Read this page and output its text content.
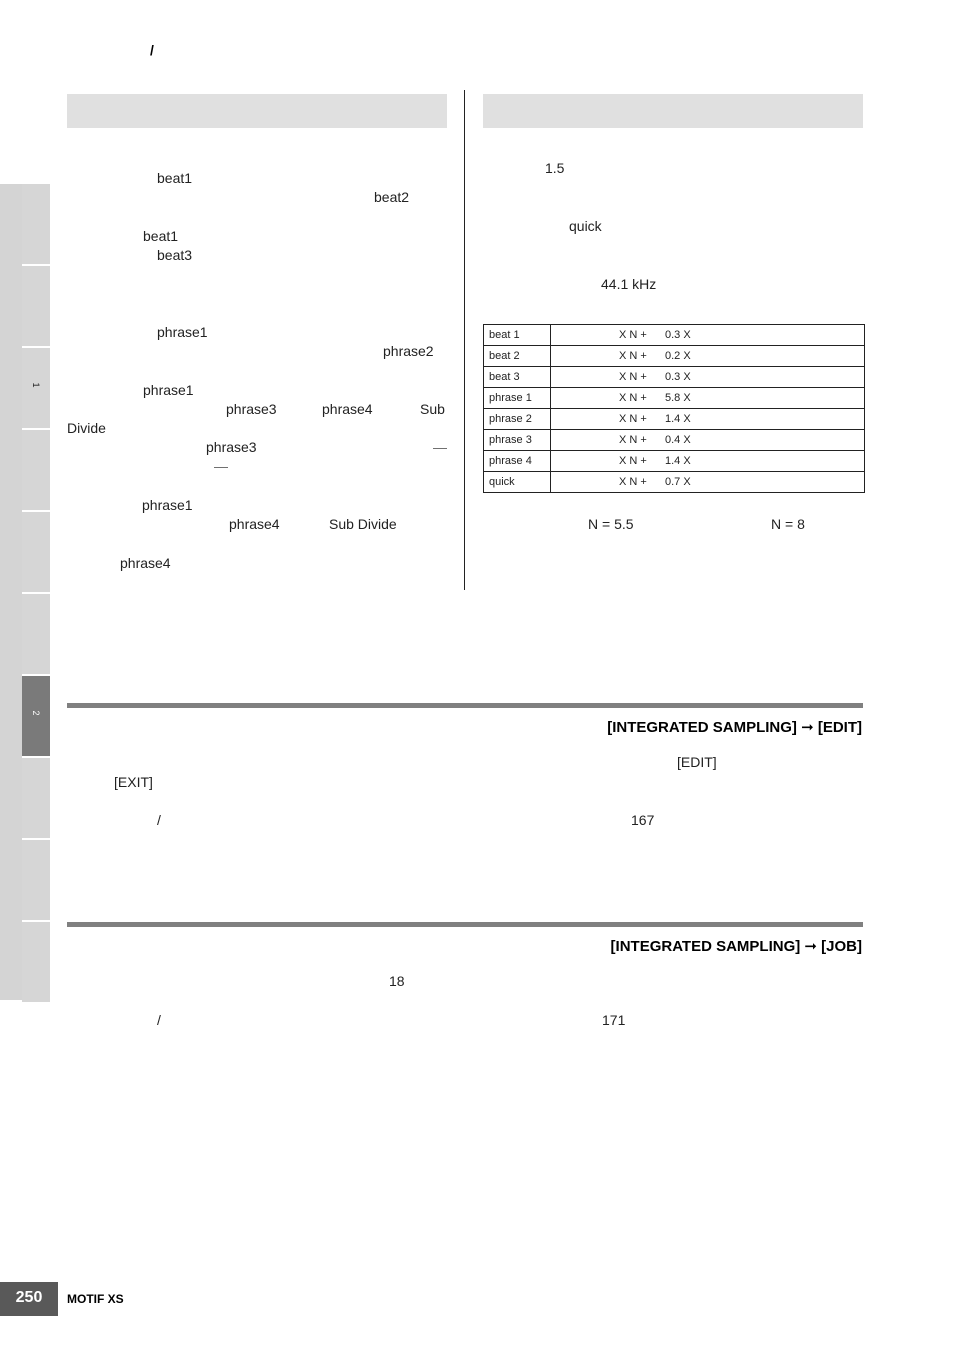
/
1
2
beat1
beat2
beat1
beat3
phrase1
phrase2
phrase1
phrase3	phrase4	Sub
Divide
phrase3	—
—
phrase1
phrase4	Sub Divide
phrase4
1.5
quick
44.1 kHz
beat 1	X N + 0.3 X

beat 2	X N + 0.2 X

beat 3	X N + 0.3 X

phrase 1	X N + 5.8 X

phrase 2	X N + 1.4 X

phrase 3	X N + 0.4 X

phrase 4	X N + 1.4 X

quick	X N + 0.7 X
N = 5.5	N = 8
[INTEGRATED SAMPLING] ➞ [EDIT]
[EDIT]
[EXIT]
/	167
[INTEGRATED SAMPLING] ➞ [JOB]
18
/	171
250	MOTIF XS
